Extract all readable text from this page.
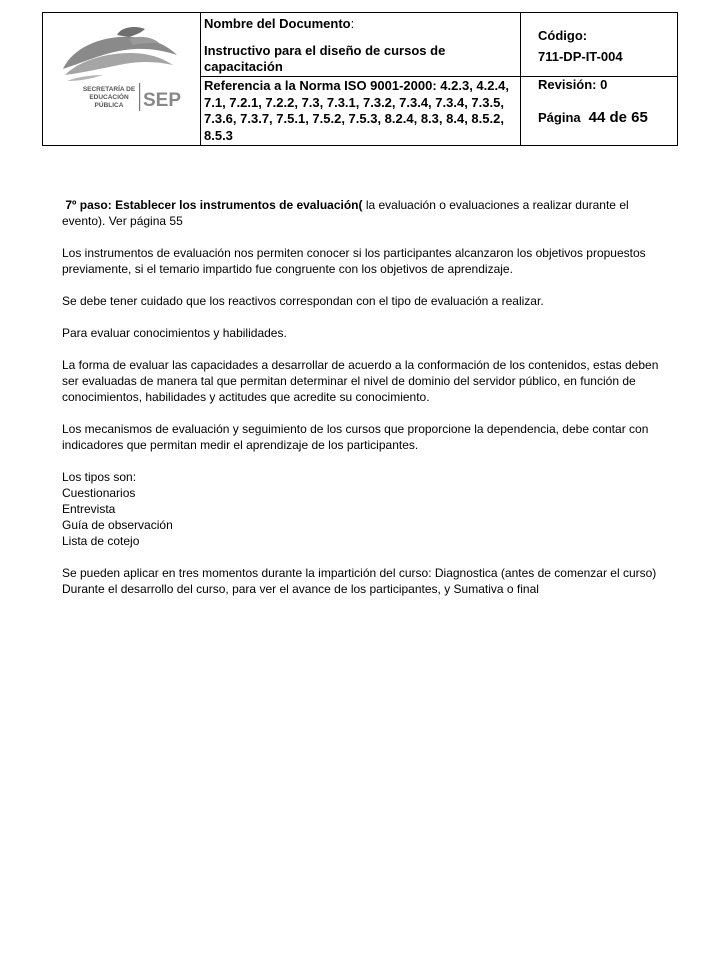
SECRETARÍA DE
EDUCACIÓN
PÚBLICA SEP
Nombre del Documento:
Instructivo para el diseño de cursos de capacitación
Referencia a la Norma ISO 9001-2000: 4.2.3, 4.2.4, 7.1, 7.2.1, 7.2.2, 7.3, 7.3.1, 7.3.2, 7.3.4, 7.3.4, 7.3.5, 7.3.6, 7.3.7, 7.5.1, 7.5.2, 7.5.3, 8.2.4, 8.3, 8.4, 8.5.2, 8.5.3
Código:
711-DP-IT-004
Revisión: 0
Página 44 de 65

7º paso: Establecer los instrumentos de evaluación( la evaluación o evaluaciones a realizar durante el evento). Ver página 55

Los instrumentos de evaluación nos permiten conocer si los participantes alcanzaron los objetivos propuestos previamente, si el temario impartido fue congruente con los objetivos de aprendizaje.

Se debe tener cuidado que los reactivos correspondan con el tipo de evaluación a realizar.

Para evaluar conocimientos y habilidades.

La forma de evaluar las capacidades a desarrollar de acuerdo a la conformación de los contenidos, estas deben ser evaluadas de manera tal que permitan determinar el nivel de dominio del servidor público, en función de conocimientos, habilidades y actitudes que acredite su conocimiento.

Los mecanismos de evaluación y seguimiento de los cursos que proporcione la dependencia, debe contar con indicadores que permitan medir el aprendizaje de los participantes.

Los tipos son:
Cuestionarios
Entrevista
Guía de observación
Lista de cotejo
Se pueden aplicar en tres momentos durante la impartición del curso: Diagnostica (antes de comenzar el curso)
Durante el desarrollo del curso, para ver el avance de los participantes, y Sumativa o final
